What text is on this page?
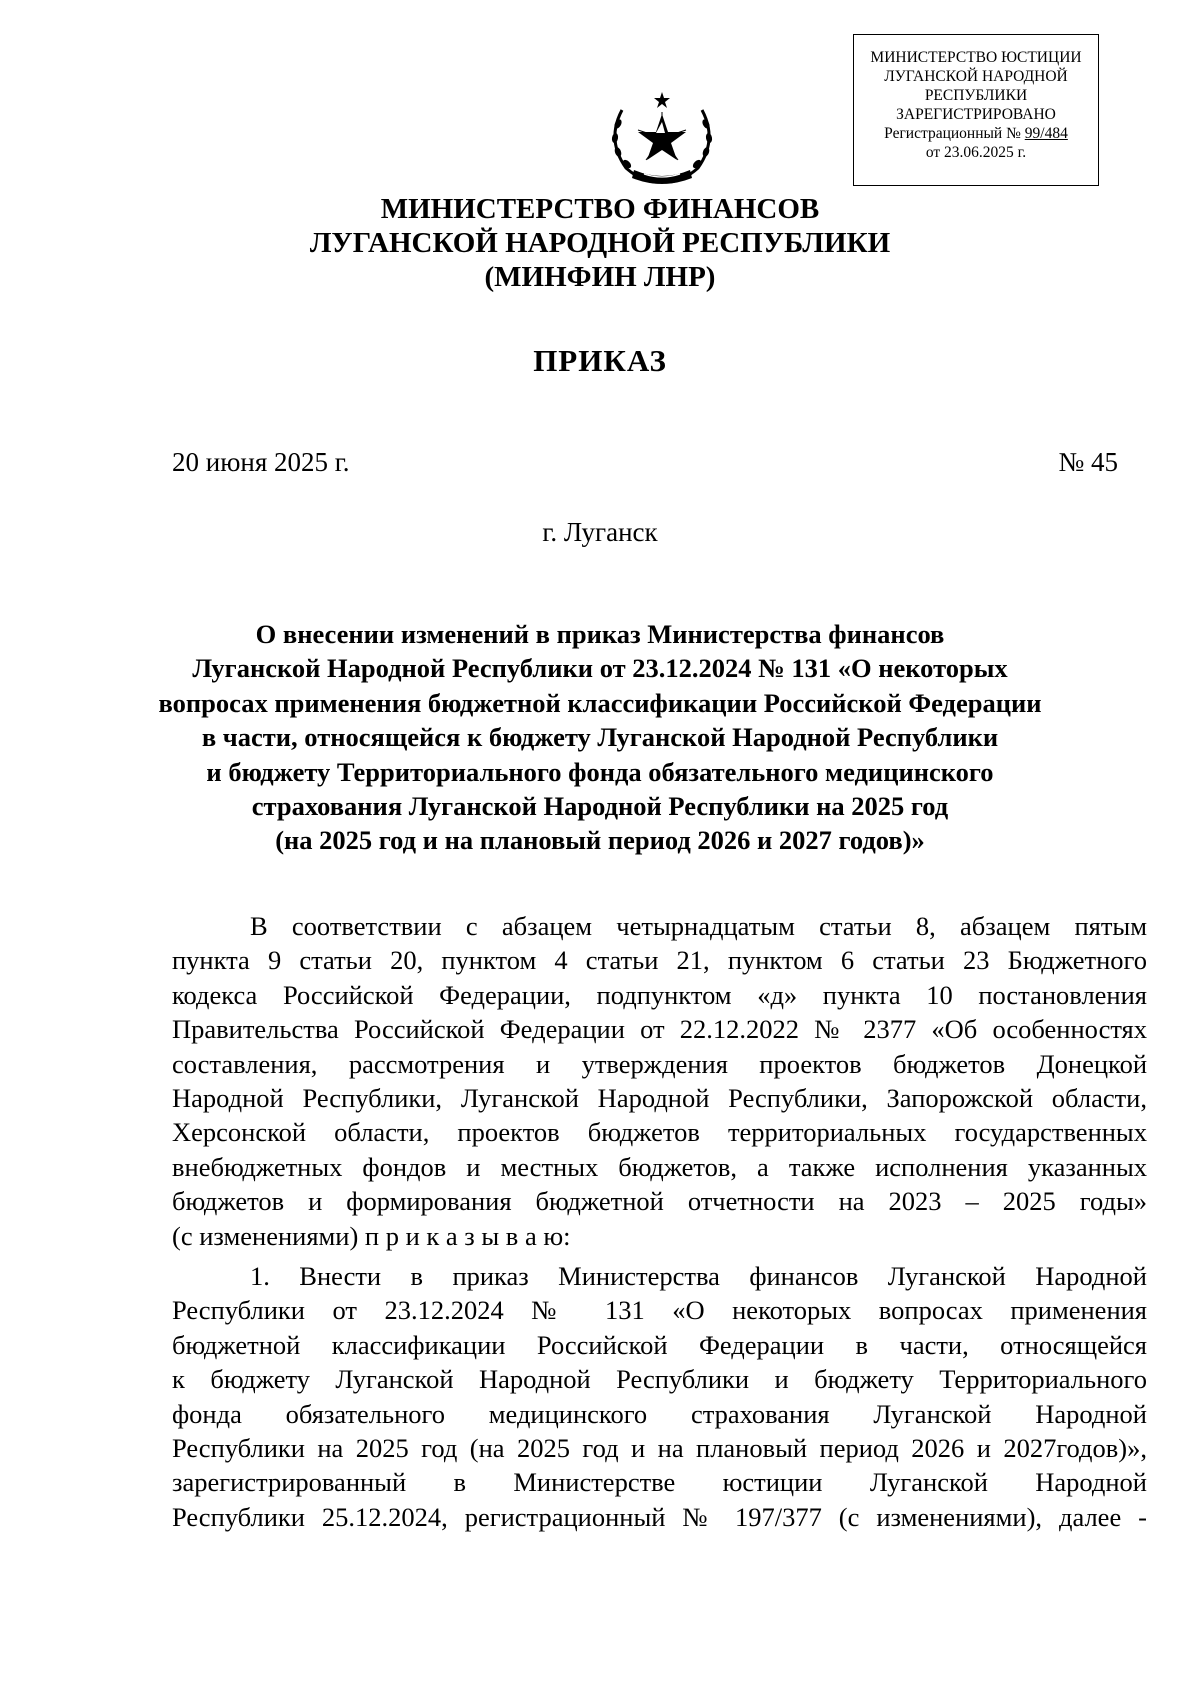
МИНИСТЕРСТВО ЮСТИЦИИ
ЛУГАНСКОЙ НАРОДНОЙ
РЕСПУБЛИКИ
ЗАРЕГИСТРИРОВАНО
Регистрационный № 99/484
от 23.06.2025 г.
МИНИСТЕРСТВО ФИНАНСОВ
ЛУГАНСКОЙ НАРОДНОЙ РЕСПУБЛИКИ
(МИНФИН ЛНР)
ПРИКАЗ
20 июня 2025 г.	№ 45
г. Луганск
О внесении изменений в приказ Министерства финансов
Луганской Народной Республики от 23.12.2024 № 131 «О некоторых
вопросах применения бюджетной классификации Российской Федерации
в части, относящейся к бюджету Луганской Народной Республики
и бюджету Территориального фонда обязательного медицинского
страхования Луганской Народной Республики на 2025 год
(на 2025 год и на плановый период 2026 и 2027 годов)»
В соответствии с абзацем четырнадцатым статьи 8, абзацем пятым
пункта 9 статьи 20, пунктом 4 статьи 21, пунктом 6 статьи 23 Бюджетного
кодекса Российской Федерации, подпунктом «д» пункта 10 постановления
Правительства Российской Федерации от 22.12.2022 № 2377 «Об особенностях
составления, рассмотрения и утверждения проектов бюджетов Донецкой
Народной Республики, Луганской Народной Республики, Запорожской области,
Херсонской области, проектов бюджетов территориальных государственных
внебюджетных фондов и местных бюджетов, а также исполнения указанных
бюджетов и формирования бюджетной отчетности на 2023 – 2025 годы»
(с изменениями) п р и к а з ы в а ю:
1. Внести в приказ Министерства финансов Луганской Народной
Республики от 23.12.2024 № 131 «О некоторых вопросах применения
бюджетной классификации Российской Федерации в части, относящейся
к бюджету Луганской Народной Республики и бюджету Территориального
фонда обязательного медицинского страхования Луганской Народной
Республики на 2025 год (на 2025 год и на плановый период 2026 и 2027годов)»,
зарегистрированный в Министерстве юстиции Луганской Народной
Республики 25.12.2024, регистрационный № 197/377 (с изменениями), далее -
